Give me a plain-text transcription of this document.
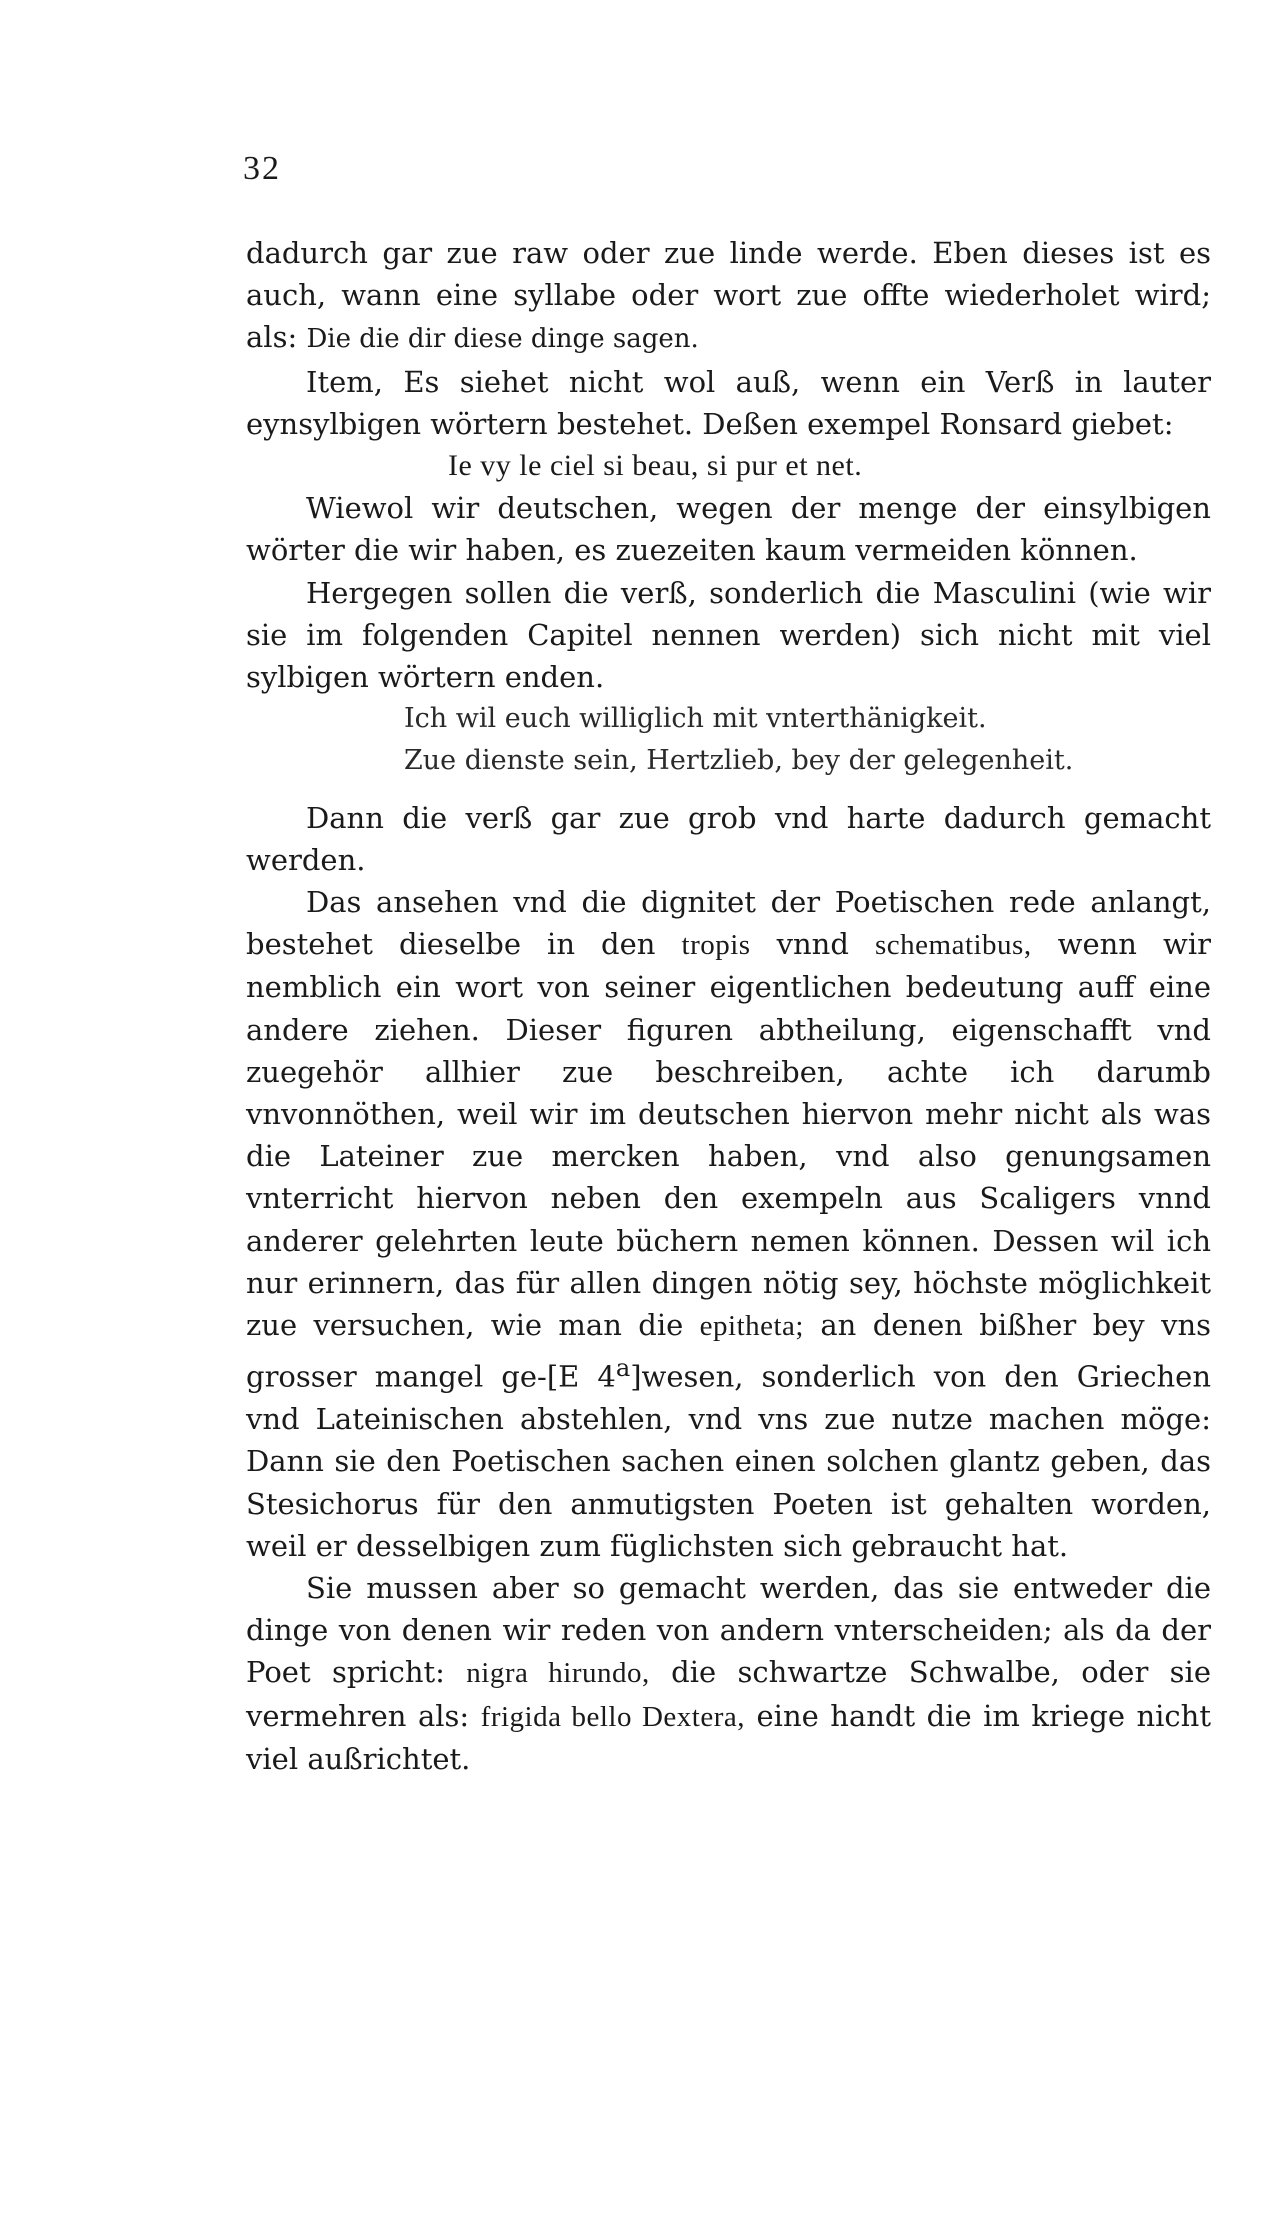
32

dadurch gar zue raw oder zue linde werde. Eben dieses ist es auch, wann eine syllabe oder wort zue offte wiederholet wird; als: Die die dir diese dinge sagen.

Item, Es siehet nicht wol auß, wenn ein Verß in lauter eynsylbigen wörtern bestehet. Deßen exempel Ronsard giebet:

Ie vy le ciel si beau, si pur et net.

Wiewol wir deutschen, wegen der menge der einsylbigen wörter die wir haben, es zuezeiten kaum vermeiden können.

Hergegen sollen die verß, sonderlich die Masculini (wie wir sie im folgenden Capitel nennen werden) sich nicht mit viel sylbigen wörtern enden.

Ich wil euch williglich mit vnterthänigkeit.

Zue dienste sein, Hertzlieb, bey der gelegenheit.

Dann die verß gar zue grob vnd harte dadurch gemacht werden.

Das ansehen vnd die dignitet der Poetischen rede anlangt, bestehet dieselbe in den tropis vnnd schematibus, wenn wir nemblich ein wort von seiner eigentlichen bedeutung auff eine andere ziehen. Dieser figuren abtheilung, eigenschafft vnd zuegehör allhier zue beschreiben, achte ich darumb vnvonnöthen, weil wir im deutschen hiervon mehr nicht als was die Lateiner zue mercken haben, vnd also genungsamen vnterricht hiervon neben den exempeln aus Scaligers vnnd anderer gelehrten leute büchern nemen können. Dessen wil ich nur erinnern, das für allen dingen nötig sey, höchste möglichkeit zue versuchen, wie man die epitheta; an denen bißher bey vns grosser mangel ge-[E 4$^a$]wesen, sonderlich von den Griechen vnd Lateinischen abstehlen, vnd vns zue nutze machen möge: Dann sie den Poetischen sachen einen solchen glantz geben, das Stesichorus für den anmutigsten Poeten ist gehalten worden, weil er desselbigen zum füglichsten sich gebraucht hat.

Sie mussen aber so gemacht werden, das sie entweder die dinge von denen wir reden von andern vnterscheiden; als da der Poet spricht: nigra hirundo, die schwartze Schwalbe, oder sie vermehren als: frigida bello Dextera, eine handt die im kriege nicht viel außrichtet.
